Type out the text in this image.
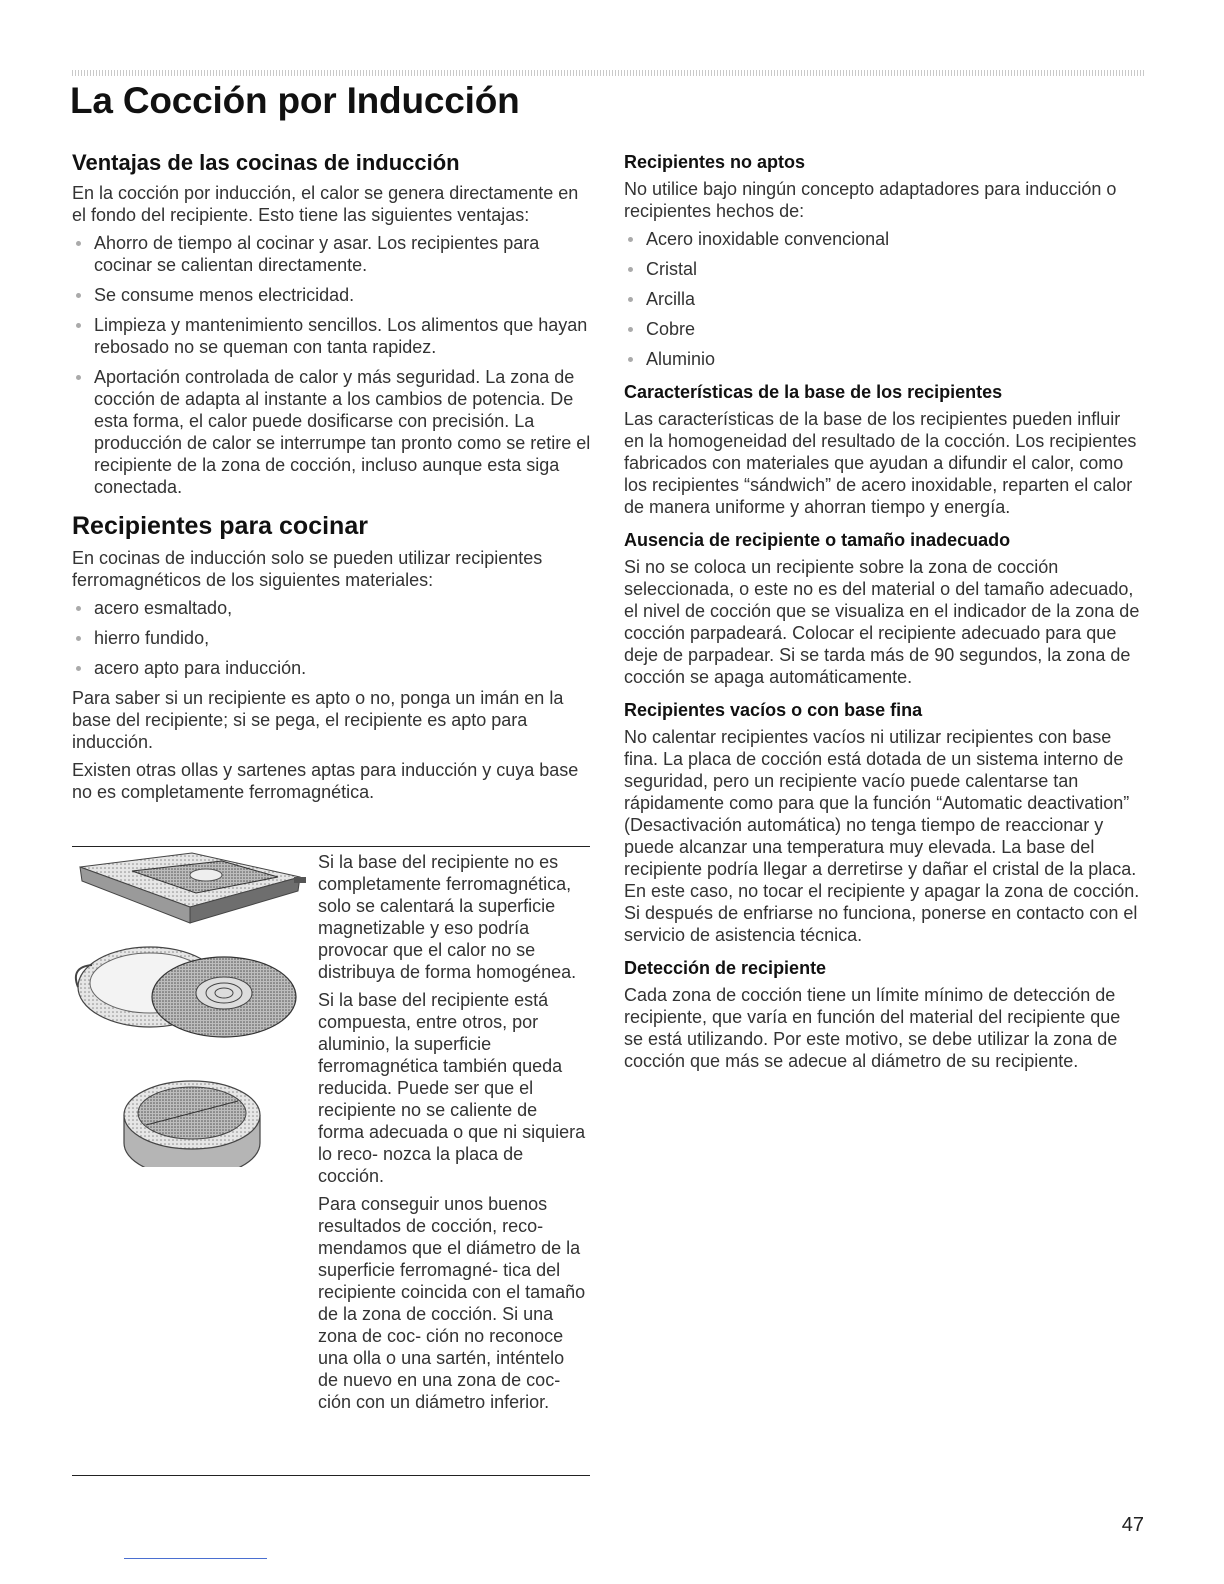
La Cocción por Inducción
Ventajas de las cocinas de inducción

En la cocción por inducción, el calor se genera directamente en el fondo del recipiente. Esto tiene las siguientes ventajas:

Ahorro de tiempo al cocinar y asar. Los recipientes para cocinar se calientan directamente.
Se consume menos electricidad.
Limpieza y mantenimiento sencillos. Los alimentos que hayan rebosado no se queman con tanta rapidez.
Aportación controlada de calor y más seguridad. La zona de cocción de adapta al instante a los cambios de potencia. De esta forma, el calor puede dosificarse con precisión. La producción de calor se interrumpe tan pronto como se retire el recipiente de la zona de cocción, incluso aunque esta siga conectada.
Recipientes para cocinar

En cocinas de inducción solo se pueden utilizar recipientes ferromagnéticos de los siguientes materiales:

acero esmaltado,
hierro fundido,
acero apto para inducción.

Para saber si un recipiente es apto o no, ponga un imán en la base del recipiente; si se pega, el recipiente es apto para inducción.

Existen otras ollas y sartenes aptas para inducción y cuya base no es completamente ferromagnética.

Si la base del recipiente no es completamente ferromagnética, solo se calentará la superficie magnetizable y eso podría provocar que el calor no se distribuya de forma homogénea.

Si la base del recipiente está compuesta, entre otros, por aluminio, la superficie ferromagnética también queda reducida. Puede ser que el recipiente no se caliente de forma adecuada o que ni siquiera lo reco- nozca la placa de cocción.

Para conseguir unos buenos resultados de cocción, reco- mendamos que el diámetro de la superficie ferromagné- tica del recipiente coincida con el tamaño de la zona de cocción. Si una zona de coc- ción no reconoce una olla o una sartén, inténtelo de nuevo en una zona de coc- ción con un diámetro inferior.

Recipientes no aptos

No utilice bajo ningún concepto adaptadores para inducción o recipientes hechos de:

Acero inoxidable convencional
Cristal
Arcilla
Cobre
Aluminio
Características de la base de los recipientes

Las características de la base de los recipientes pueden influir en la homogeneidad del resultado de la cocción. Los recipientes fabricados con materiales que ayudan a difundir el calor, como los recipientes “sándwich” de acero inoxidable, reparten el calor de manera uniforme y ahorran tiempo y energía.

Ausencia de recipiente o tamaño inadecuado

Si no se coloca un recipiente sobre la zona de cocción seleccionada, o este no es del material o del tamaño adecuado, el nivel de cocción que se visualiza en el indicador de la zona de cocción parpadeará. Colocar el recipiente adecuado para que deje de parpadear. Si se tarda más de 90 segundos, la zona de cocción se apaga automáticamente.

Recipientes vacíos o con base fina

No calentar recipientes vacíos ni utilizar recipientes con base fina. La placa de cocción está dotada de un sistema interno de seguridad, pero un recipiente vacío puede calentarse tan rápidamente como para que la función “Automatic deactivation” (Desactivación automática) no tenga tiempo de reaccionar y puede alcanzar una temperatura muy elevada. La base del recipiente podría llegar a derretirse y dañar el cristal de la placa. En este caso, no tocar el recipiente y apagar la zona de cocción. Si después de enfriarse no funciona, ponerse en contacto con el servicio de asistencia técnica.

Detección de recipiente

Cada zona de cocción tiene un límite mínimo de detección de recipiente, que varía en función del material del recipiente que se está utilizando. Por este motivo, se debe utilizar la zona de cocción que más se adecue al diámetro de su recipiente.

47
